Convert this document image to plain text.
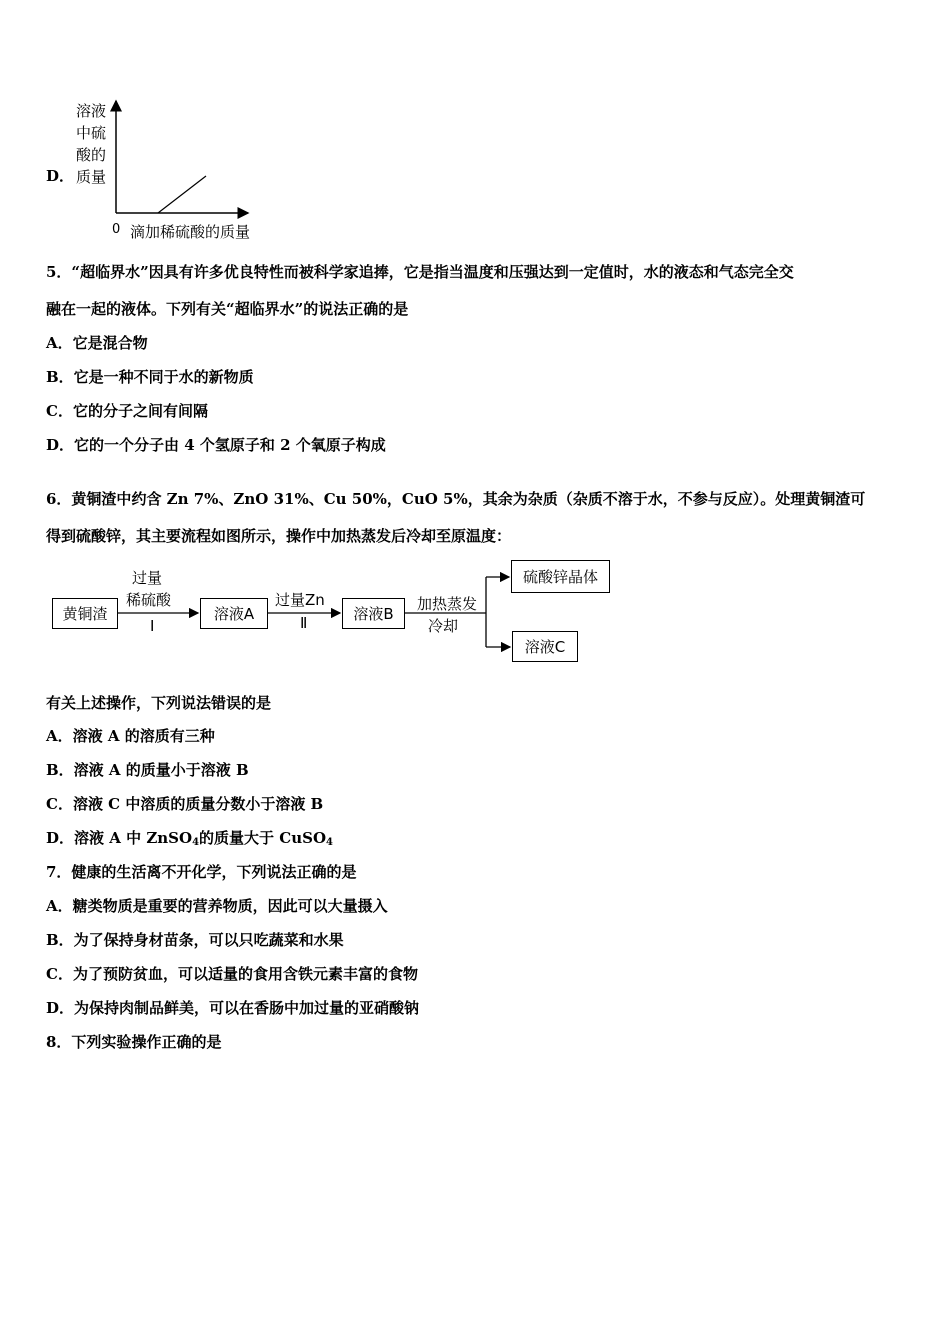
D．
溶液
中硫
酸的
质量
0 滴加稀硫酸的质量
5．“超临界水”因具有许多优良特性而被科学家追捧，它是指当温度和压强达到一定值时，水的液态和气态完全交
融在一起的液体。下列有关“超临界水”的说法正确的是
A．它是混合物
B．它是一种不同于水的新物质
C．它的分子之间有间隔
D．它的一个分子由 4 个氢原子和 2 个氧原子构成
6．黄铜渣中约含 Zn 7%、ZnO 31%、Cu 50%，CuO 5%，其余为杂质（杂质不溶于水，不参与反应）。处理黄铜渣可
得到硫酸锌，其主要流程如图所示，操作中加热蒸发后冷却至原温度：
黄铜渣
过量
稀硫酸
Ⅰ
溶液A
过量Zn
Ⅱ	溶液B
加热蒸发
冷却
硫酸锌晶体
溶液C
有关上述操作，下列说法错误的是
A．溶液 A 的溶质有三种
B．溶液 A 的质量小于溶液 B
C．溶液 C 中溶质的质量分数小于溶液 B
D．溶液 A 中 ZnSO$_4$的质量大于 CuSO$_4$
7．健康的生活离不开化学，下列说法正确的是
A．糖类物质是重要的营养物质，因此可以大量摄入
B．为了保持身材苗条，可以只吃蔬菜和水果
C．为了预防贫血，可以适量的食用含铁元素丰富的食物
D．为保持肉制品鲜美，可以在香肠中加过量的亚硝酸钠
8．下列实验操作正确的是
